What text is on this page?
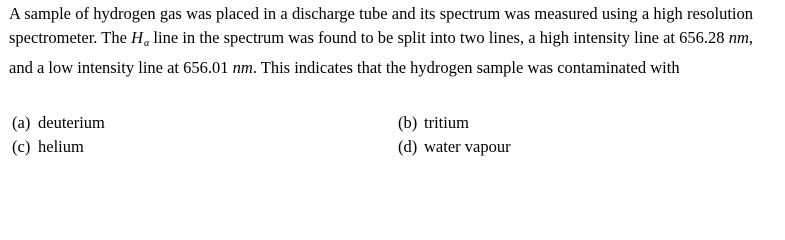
A sample of hydrogen gas was placed in a discharge tube and its spectrum was measured using a high resolution spectrometer. The $H_\alpha$ line in the spectrum was found to be split into two lines, a high intensity line at 656.28 nm, and a low intensity line at 656.01 nm. This indicates that the hydrogen sample was contaminated with
(a) deuterium	(b) tritium
(c) helium	(d) water vapour
